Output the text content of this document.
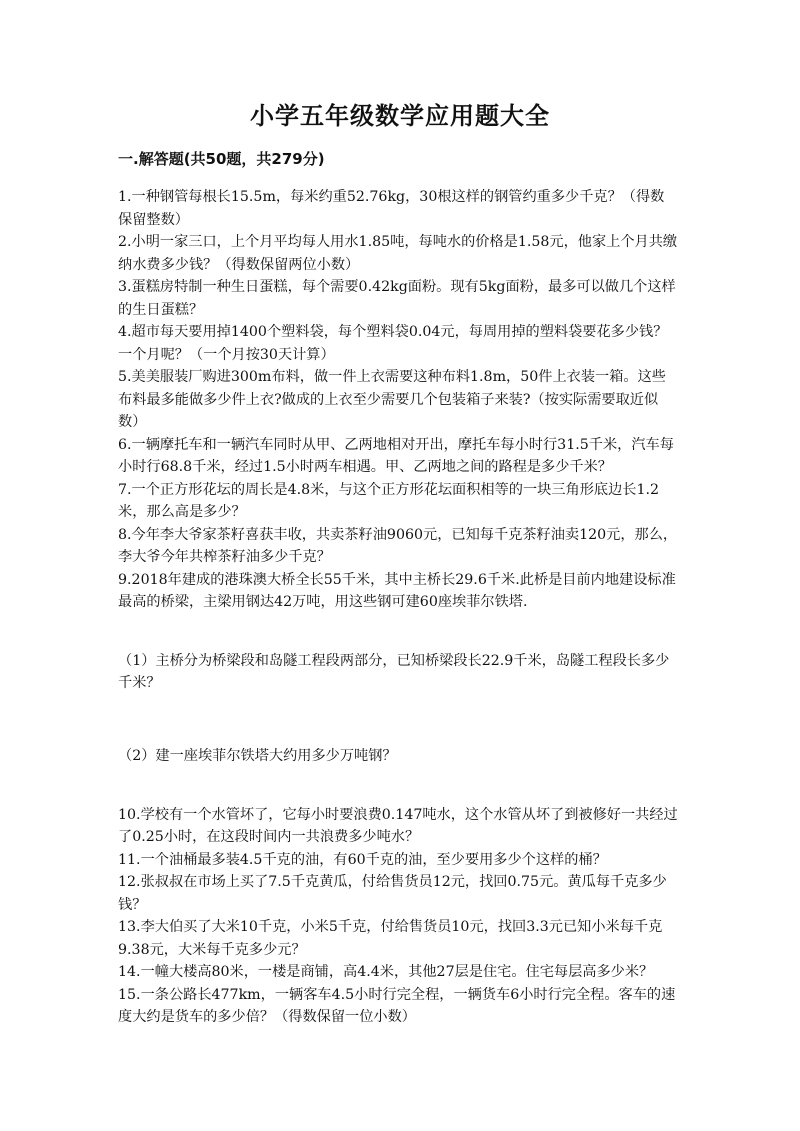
小学五年级数学应用题大全
一.解答题(共50题，共279分)

1.一种钢管每根长15.5m，每米约重52.76kg，30根这样的钢管约重多少千克？（得数保留整数）

2.小明一家三口，上个月平均每人用水1.85吨，每吨水的价格是1.58元，他家上个月共缴纳水费多少钱？（得数保留两位小数）

3.蛋糕房特制一种生日蛋糕，每个需要0.42kg面粉。现有5kg面粉，最多可以做几个这样的生日蛋糕？

4.超市每天要用掉1400个塑料袋，每个塑料袋0.04元，每周用掉的塑料袋要花多少钱？一个月呢？（一个月按30天计算）

5.美美服装厂购进300m布料，做一件上衣需要这种布料1.8m，50件上衣装一箱。这些布料最多能做多少件上衣?做成的上衣至少需要几个包装箱子来装?（按实际需要取近似数）

6.一辆摩托车和一辆汽车同时从甲、乙两地相对开出，摩托车每小时行31.5千米，汽车每小时行68.8千米，经过1.5小时两车相遇。甲、乙两地之间的路程是多少千米？

7.一个正方形花坛的周长是4.8米，与这个正方形花坛面积相等的一块三角形底边长1.2米，那么高是多少？

8.今年李大爷家茶籽喜获丰收，共卖茶籽油9060元，已知每千克茶籽油卖120元，那么，李大爷今年共榨茶籽油多少千克？

9.2018年建成的港珠澳大桥全长55千米，其中主桥长29.6千米.此桥是目前内地建设标准最高的桥梁，主梁用钢达42万吨，用这些钢可建60座埃菲尔铁塔.

（1）主桥分为桥梁段和岛隧工程段两部分，已知桥梁段长22.9千米，岛隧工程段长多少千米？

（2）建一座埃菲尔铁塔大约用多少万吨钢？

10.学校有一个水管坏了，它每小时要浪费0.147吨水，这个水管从坏了到被修好一共经过了0.25小时，在这段时间内一共浪费多少吨水？

11.一个油桶最多装4.5千克的油，有60千克的油，至少要用多少个这样的桶？

12.张叔叔在市场上买了7.5千克黄瓜，付给售货员12元，找回0.75元。黄瓜每千克多少钱？

13.李大伯买了大米10千克，小米5千克，付给售货员10元，找回3.3元已知小米每千克9.38元，大米每千克多少元？

14.一幢大楼高80米，一楼是商铺，高4.4米，其他27层是住宅。住宅每层高多少米？

15.一条公路长477km，一辆客车4.5小时行完全程，一辆货车6小时行完全程。客车的速度大约是货车的多少倍？（得数保留一位小数）
